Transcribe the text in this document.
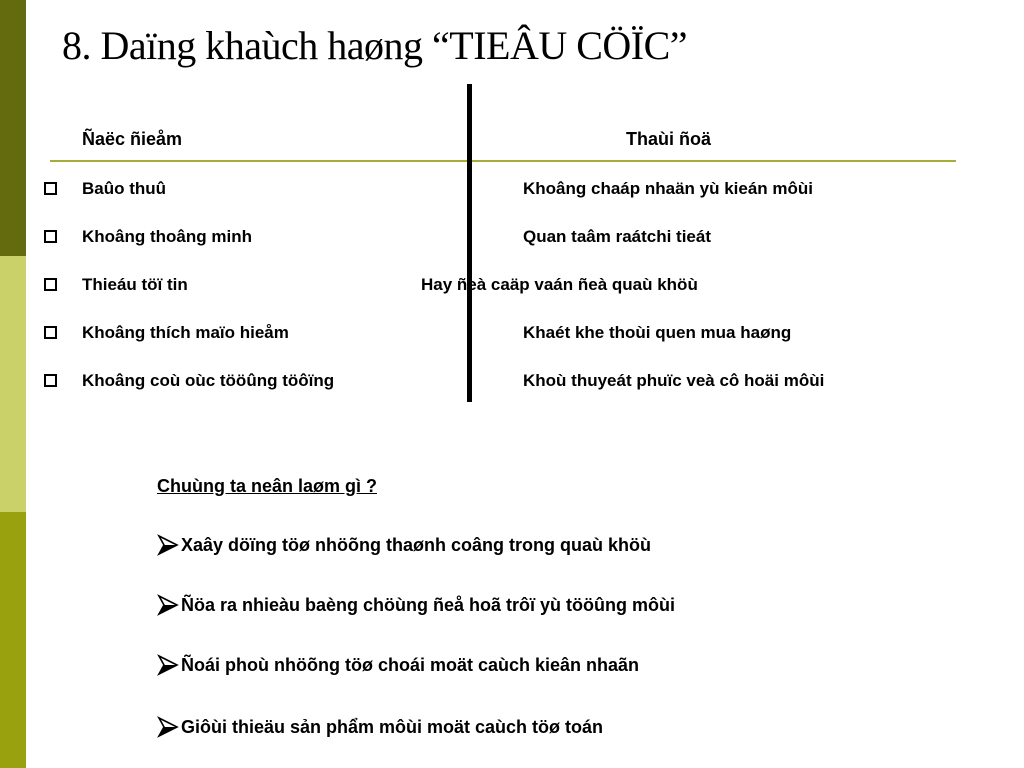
8. Daïng khaùch haøng “TIEÂU CÖÏC”
Ñaëc ñieåm	Thaùi ñoä
Baûo thuû	Khoâng chaáp nhaän yù kieán môùi
Khoâng thoâng minh	Quan taâm raátchi tieát
Thieáu töï tin	Hay ñeà caäp vaán ñeà quaù khöù
Khoâng thích maïo hieåm	Khaét khe thoùi quen mua haøng
Khoâng coù oùc tööûng töôïng	Khoù thuyeát phuïc veà cô hoäi môùi
Chuùng ta neân laøm gì ?
Xaây döïng töø nhöõng thaønh coâng trong quaù khöù
Ñöa ra nhieàu baèng chöùng ñeå hoã trôï yù tööûng môùi
Ñoái phoù nhöõng töø choái moät caùch kieân nhaãn
Giôùi thieäu sản phẩm môùi moät caùch töø toán
